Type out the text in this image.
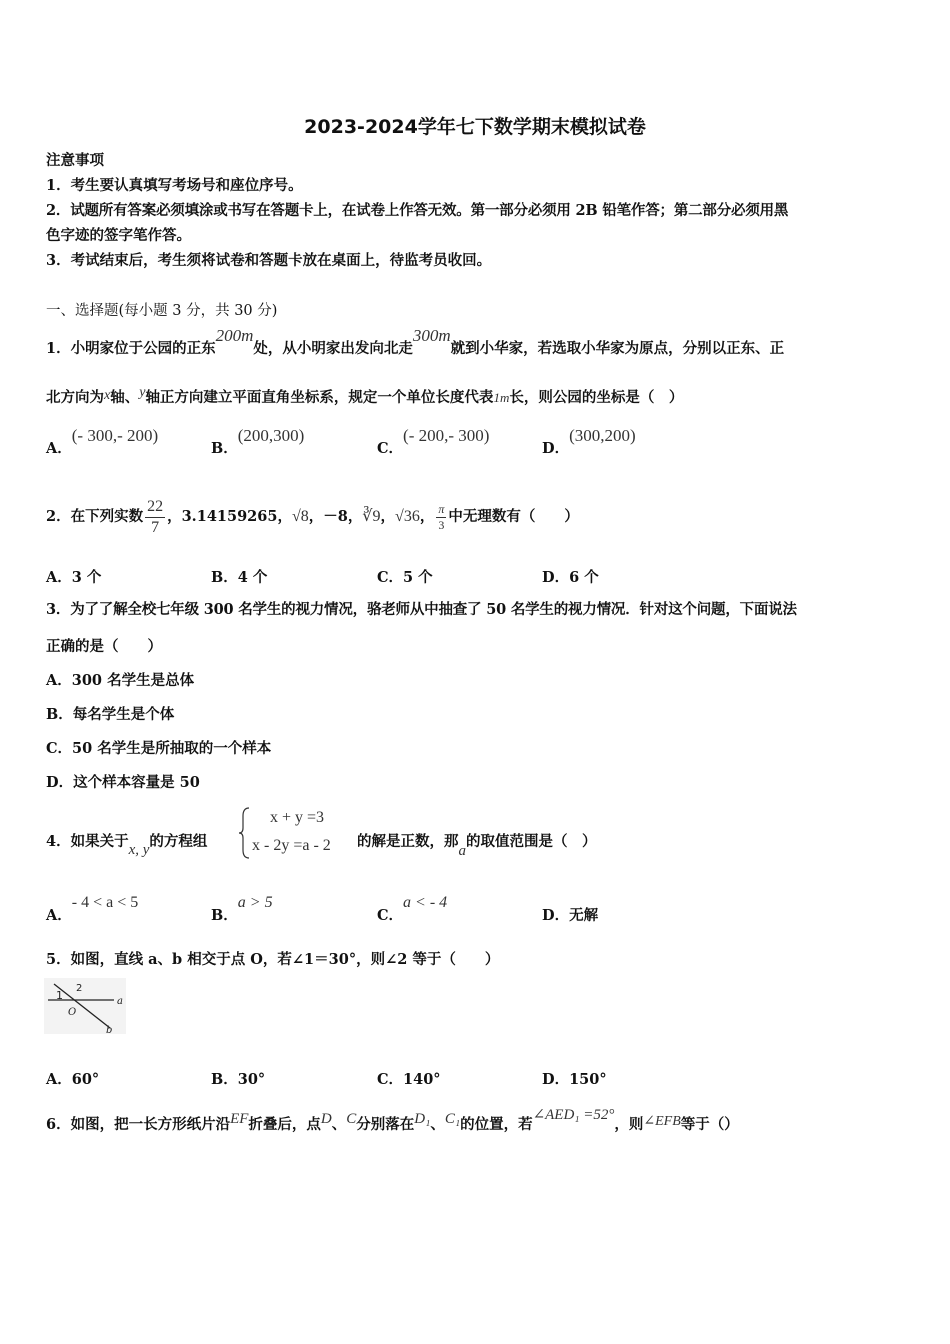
2023-2024学年七下数学期末模拟试卷
注意事项
1．考生要认真填写考场号和座位序号。
2．试题所有答案必须填涂或书写在答题卡上，在试卷上作答无效。第一部分必须用 2B 铅笔作答；第二部分必须用黑
色字迹的签字笔作答。
3．考试结束后，考生须将试卷和答题卡放在桌面上，待监考员收回。
一、选择题(每小题 3 分，共 30 分)
1．小明家位于公园的正东200m处，从小明家出发向北走300m就到小华家，若选取小华家为原点，分别以正东、正
北方向为x轴、y轴正方向建立平面直角坐标系，规定一个单位长度代表1m长，则公园的坐标是（　）
A．(- 300,- 200)
B．(200,300)
C．(- 200,- 300)
D．(300,200)
2．在下列实数 $\frac{22}{7}$ ，3.14159265，√8，－8，∛9，√36， $\frac{\pi}{3}$ 中无理数有（　　）
A．3 个	B．4 个	C．5 个	D．6 个
3．为了了解全校七年级 300 名学生的视力情况，骆老师从中抽查了 50 名学生的视力情况．针对这个问题，下面说法
正确的是（　　）
A．300 名学生是总体
B．每名学生是个体
C．50 名学生是所抽取的一个样本
D．这个样本容量是 50
4．如果关于x, y的方程组
x + y =3
x - 2y =a - 2 的解是正数，那a的取值范围是（　）
A．- 4 < a < 5
B．a > 5
C．a < - 4
D．无解
5．如图，直线 a、b 相交于点 O，若∠1＝30°，则∠2 等于（　　）
1
2
O
a
b
A．60°	B．30°	C．140°	D．150°
6．如图，把一长方形纸片沿EF折叠后，点D、C分别落在D₁、C₁的位置，若∠AED₁ =52°，则∠EFB等于（）
